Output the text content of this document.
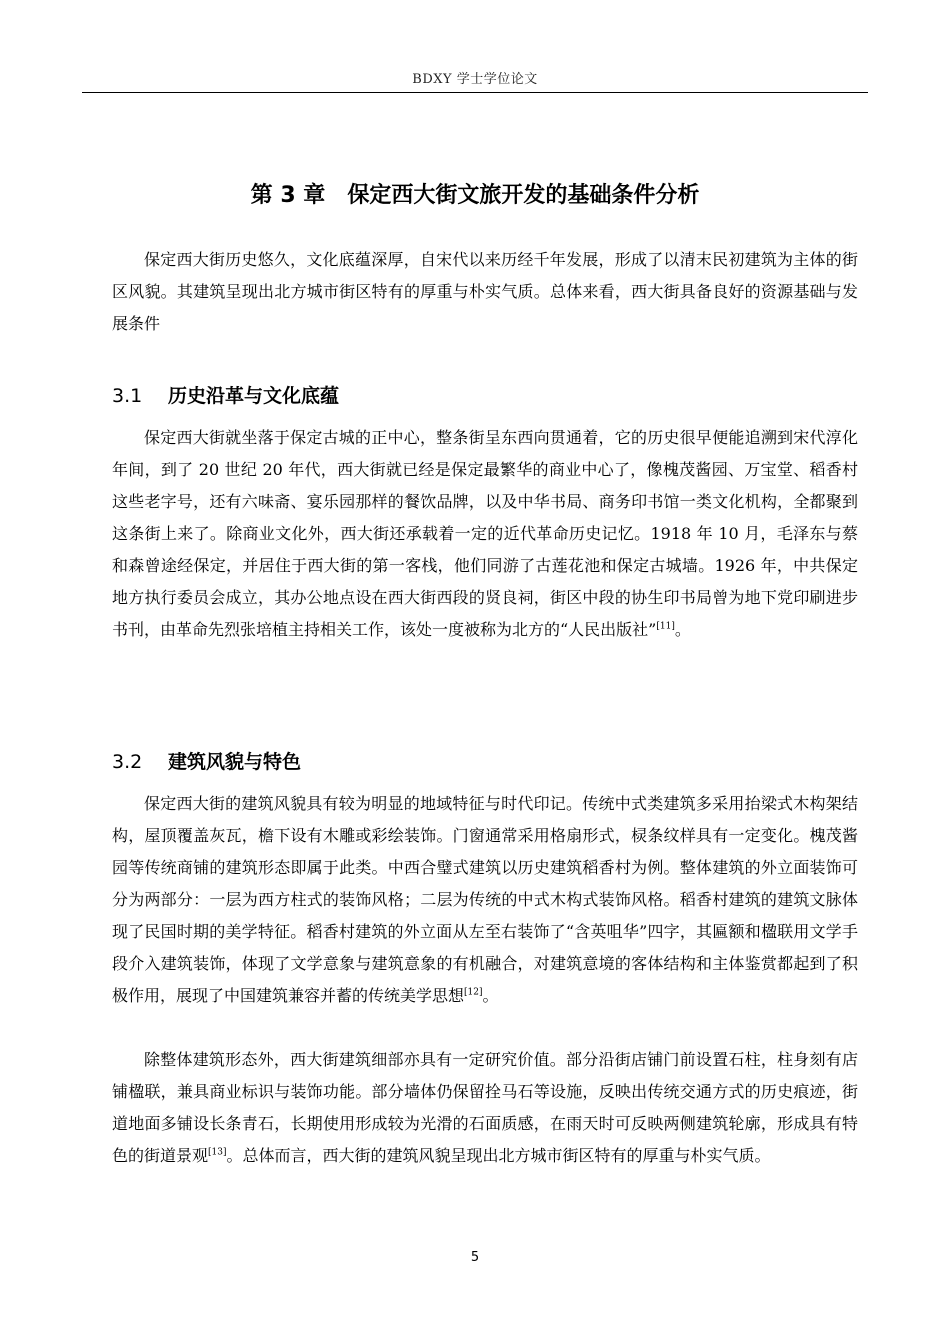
BDXY 学士学位论文
第 3 章 保定西大街文旅开发的基础条件分析

保定西大街历史悠久，文化底蕴深厚，自宋代以来历经千年发展，形成了以清末民初建筑为主体的街区风貌。其建筑呈现出北方城市街区特有的厚重与朴实气质。总体来看，西大街具备良好的资源基础与发展条件

3.1 历史沿革与文化底蕴

保定西大街就坐落于保定古城的正中心，整条街呈东西向贯通着，它的历史很早便能追溯到宋代淳化年间，到了 20 世纪 20 年代，西大街就已经是保定最繁华的商业中心了，像槐茂酱园、万宝堂、稻香村这些老字号，还有六味斋、宴乐园那样的餐饮品牌，以及中华书局、商务印书馆一类文化机构，全都聚到这条街上来了。除商业文化外，西大街还承载着一定的近代革命历史记忆。1918 年 10 月，毛泽东与蔡和森曾途经保定，并居住于西大街的第一客栈，他们同游了古莲花池和保定古城墙。1926 年，中共保定地方执行委员会成立，其办公地点设在西大街西段的贤良祠，街区中段的协生印书局曾为地下党印刷进步书刊，由革命先烈张培植主持相关工作，该处一度被称为北方的“人民出版社”[11]。

3.2 建筑风貌与特色

保定西大街的建筑风貌具有较为明显的地域特征与时代印记。传统中式类建筑多采用抬梁式木构架结构，屋顶覆盖灰瓦，檐下设有木雕或彩绘装饰。门窗通常采用格扇形式，棂条纹样具有一定变化。槐茂酱园等传统商铺的建筑形态即属于此类。中西合璧式建筑以历史建筑稻香村为例。整体建筑的外立面装饰可分为两部分：一层为西方柱式的装饰风格；二层为传统的中式木构式装饰风格。稻香村建筑的建筑文脉体现了民国时期的美学特征。稻香村建筑的外立面从左至右装饰了“含英咀华”四字，其匾额和楹联用文学手段介入建筑装饰，体现了文学意象与建筑意象的有机融合，对建筑意境的客体结构和主体鉴赏都起到了积极作用，展现了中国建筑兼容并蓄的传统美学思想[12]。

除整体建筑形态外，西大街建筑细部亦具有一定研究价值。部分沿街店铺门前设置石柱，柱身刻有店铺楹联，兼具商业标识与装饰功能。部分墙体仍保留拴马石等设施，反映出传统交通方式的历史痕迹，街道地面多铺设长条青石，长期使用形成较为光滑的石面质感，在雨天时可反映两侧建筑轮廓，形成具有特色的街道景观[13]。总体而言，西大街的建筑风貌呈现出北方城市街区特有的厚重与朴实气质。

5
